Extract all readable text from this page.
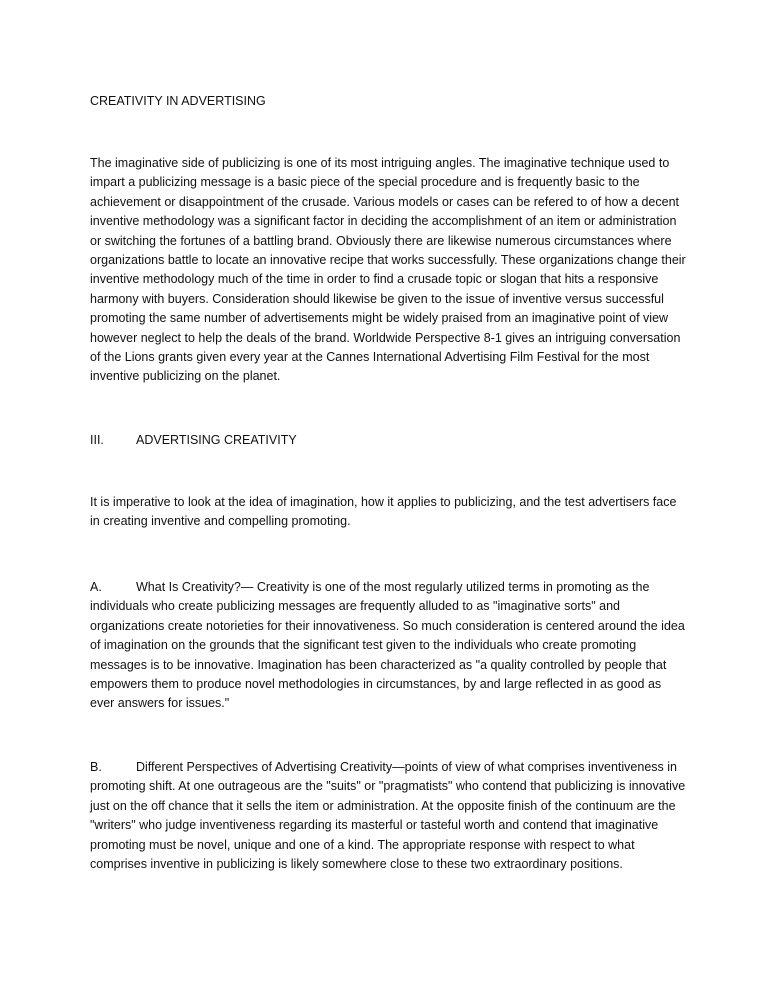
CREATIVITY IN ADVERTISING

The imaginative side of publicizing is one of its most intriguing angles. The imaginative technique used to impart a publicizing message is a basic piece of the special procedure and is frequently basic to the achievement or disappointment of the crusade. Various models or cases can be refered to of how a decent inventive methodology was a significant factor in deciding the accomplishment of an item or administration or switching the fortunes of a battling brand. Obviously there are likewise numerous circumstances where organizations battle to locate an innovative recipe that works successfully. These organizations change their inventive methodology much of the time in order to find a crusade topic or slogan that hits a responsive harmony with buyers. Consideration should likewise be given to the issue of inventive versus successful promoting the same number of advertisements might be widely praised from an imaginative point of view however neglect to help the deals of the brand. Worldwide Perspective 8-1 gives an intriguing conversation of the Lions grants given every year at the Cannes International Advertising Film Festival for the most inventive publicizing on the planet.

III.	ADVERTISING CREATIVITY

It is imperative to look at the idea of imagination, how it applies to publicizing, and the test advertisers face in creating inventive and compelling promoting.

A.	What Is Creativity?— Creativity is one of the most regularly utilized terms in promoting as the individuals who create publicizing messages are frequently alluded to as "imaginative sorts" and organizations create notorieties for their innovativeness. So much consideration is centered around the idea of imagination on the grounds that the significant test given to the individuals who create promoting messages is to be innovative. Imagination has been characterized as "a quality controlled by people that empowers them to produce novel methodologies in circumstances, by and large reflected in as good as ever answers for issues."

B.	Different Perspectives of Advertising Creativity—points of view of what comprises inventiveness in promoting shift. At one outrageous are the "suits" or "pragmatists" who contend that publicizing is innovative just on the off chance that it sells the item or administration. At the opposite finish of the continuum are the "writers" who judge inventiveness regarding its masterful or tasteful worth and contend that imaginative promoting must be novel, unique and one of a kind. The appropriate response with respect to what comprises inventive in publicizing is likely somewhere close to these two extraordinary positions.
